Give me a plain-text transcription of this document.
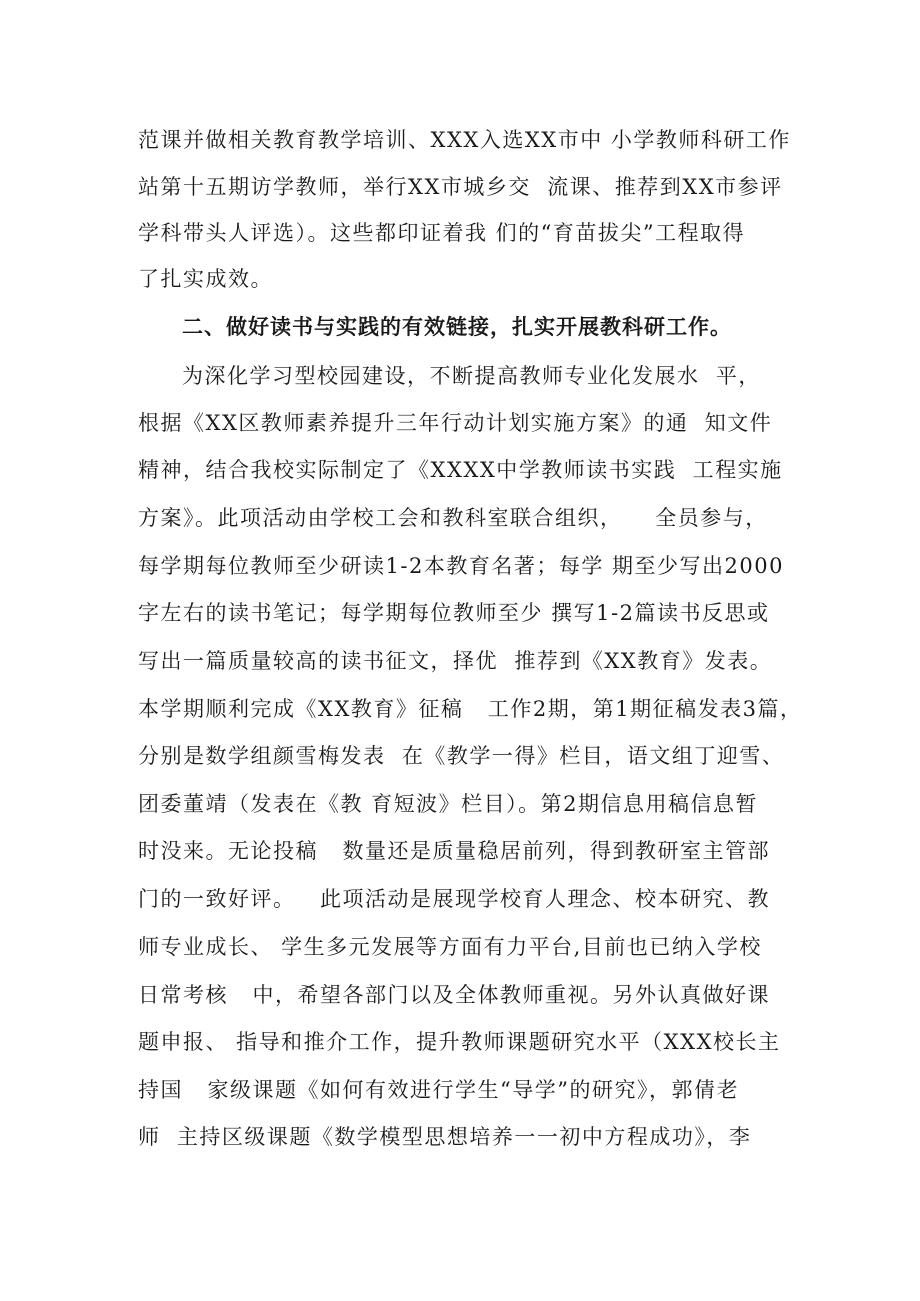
范课并做相关教育教学培训、XXX入选XX市中 小学教师科研工作
站第十五期访学教师，举行XX市城乡交  流课、推荐到XX市参评
学科带头人评选）。这些都印证着我 们的“育苗拔尖”工程取得
了扎实成效。
二、做好读书与实践的有效链接，扎实开展教科研工作。
为深化学习型校园建设，不断提高教师专业化发展水  平，
根据《XX区教师素养提升三年行动计划实施方案》的通  知文件
精神，结合我校实际制定了《XXXX中学教师读书实践  工程实施
方案》。此项活动由学校工会和教科室联合组织，    全员参与，
每学期每位教师至少研读1-2本教育名著；每学 期至少写出2000
字左右的读书笔记；每学期每位教师至少 撰写1-2篇读书反思或
写出一篇质量较高的读书征文，择优  推荐到《XX教育》发表。
本学期顺利完成《XX教育》征稿   工作2期，第1期征稿发表3篇，
分别是数学组颜雪梅发表  在《教学一得》栏目，语文组丁迎雪、
团委董靖（发表在《教 育短波》栏目）。第2期信息用稿信息暂
时没来。无论投稿   数量还是质量稳居前列，得到教研室主管部
门的一致好评。   此项活动是展现学校育人理念、校本研究、教
师专业成长、 学生多元发展等方面有力平台,目前也已纳入学校
日常考核   中，希望各部门以及全体教师重视。另外认真做好课
题申报、 指导和推介工作，提升教师课题研究水平（XXX校长主
持国   家级课题《如何有效进行学生“导学”的研究》，郭倩老
师  主持区级课题《数学模型思想培养一一初中方程成功》，李
